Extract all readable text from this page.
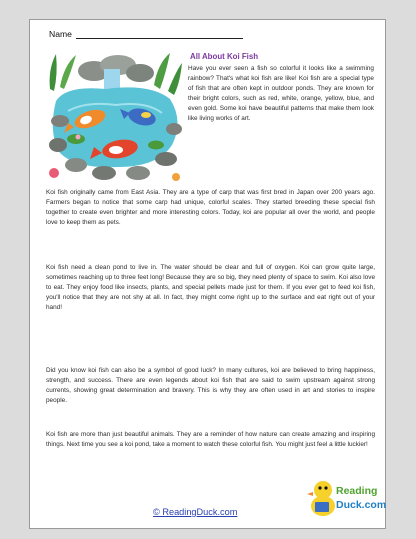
Name
All About Koi Fish

Have you ever seen a fish so colorful it looks like a swimming rainbow? That's what koi fish are like! Koi fish are a special type of fish that are often kept in outdoor ponds. They are known for their bright colors, such as red, white, orange, yellow, blue, and even gold. Some koi have beautiful patterns that make them look like living works of art.

Koi fish originally came from East Asia. They are a type of carp that was first bred in Japan over 200 years ago. Farmers began to notice that some carp had unique, colorful scales. They started breeding these special fish together to create even brighter and more interesting colors. Today, koi are popular all over the world, and people love to keep them as pets.

Koi fish need a clean pond to live in. The water should be clear and full of oxygen. Koi can grow quite large, sometimes reaching up to three feet long! Because they are so big, they need plenty of space to swim. Koi also love to eat. They enjoy food like insects, plants, and special pellets made just for them. If you ever get to feed koi fish, you'll notice that they are not shy at all. In fact, they might come right up to the surface and eat right out of your hand!

Did you know koi fish can also be a symbol of good luck? In many cultures, koi are believed to bring happiness, strength, and success. There are even legends about koi fish that are said to swim upstream against strong currents, showing great determination and bravery. This is why they are often used in art and stories to inspire people.

Koi fish are more than just beautiful animals. They are a reminder of how nature can create amazing and inspiring things. Next time you see a koi pond, take a moment to watch these colorful fish. You might just feel a little luckier!

© ReadingDuck.com
Reading
Duck.com
